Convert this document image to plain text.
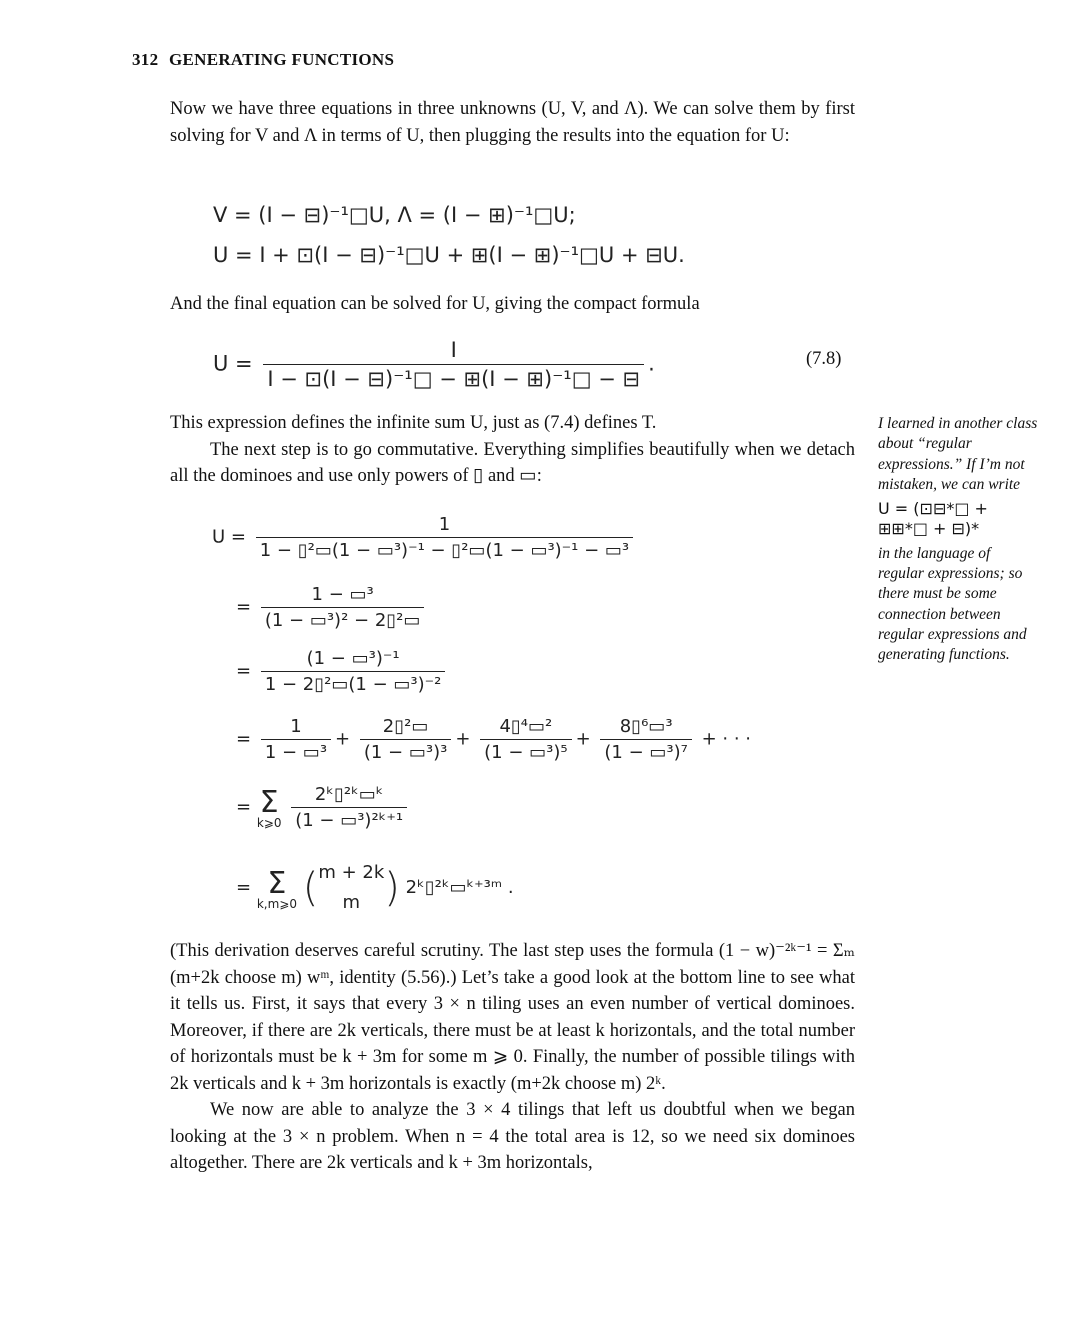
312 GENERATING FUNCTIONS

Now we have three equations in three unknowns (U, V, and Λ). We can solve them by first solving for V and Λ in terms of U, then plugging the results into the equation for U:

V = (I − ⊟)⁻¹□U, Λ = (I − ⊞)⁻¹□U;
U = I + ⊡(I − ⊟)⁻¹□U + ⊞(I − ⊞)⁻¹□U + ⊟U.

And the final equation can be solved for U, giving the compact formula

$U = \frac{I}{\text{I − ⊡(I − ⊟)⁻¹□ − ⊞(I − ⊞)⁻¹□ − ⊟}}$ .	(7.8)

This expression defines the infinite sum U, just as (7.4) defines T.

The next step is to go commutative. Everything simplifies beautifully when we detach all the dominoes and use only powers of ▯ and ▭:

$U = \frac{1}{\text{1 − ▯²▭(1 − ▭³)⁻¹ − ▯²▭(1 − ▭³)⁻¹ − ▭³}}$
= $\frac{\text{1 − ▭³}}{\text{(1 − ▭³)² − 2▯²▭}}$
= $\frac{\text{(1 − ▭³)⁻¹}}{\text{1 − 2▯²▭(1 − ▭³)⁻²}}$
= $\frac{1}{\text{1 − ▭³}} + \frac{\text{2▯²▭}}{\text{(1 − ▭³)³}} + \frac{\text{4▯⁴▭²}}{\text{(1 − ▭³)⁵}} + \frac{\text{8▯⁶▭³}}{\text{(1 − ▭³)⁷}}$ + · · ·
= Σ
k⩾0
$\frac{\text{2ᵏ▯²ᵏ▭ᵏ}}{\text{(1 − ▭³)²ᵏ⁺¹}}$
= Σ
k,m⩾0 ( m + 2k
m ) 2ᵏ▯²ᵏ▭ᵏ⁺³ᵐ .
I learned in another class about “regular expressions.” If I’m not mistaken, we can write
U = (⊡⊟*□ + ⊞⊞*□ + ⊟)*
in the language of regular expressions; so there must be some connection between regular expressions and generating functions.

(This derivation deserves careful scrutiny. The last step uses the formula (1 − w)⁻²ᵏ⁻¹ = Σₘ (m+2k choose m) wᵐ, identity (5.56).) Let’s take a good look at the bottom line to see what it tells us. First, it says that every 3 × n tiling uses an even number of vertical dominoes. Moreover, if there are 2k verticals, there must be at least k horizontals, and the total number of horizontals must be k + 3m for some m ⩾ 0. Finally, the number of possible tilings with 2k verticals and k + 3m horizontals is exactly (m+2k choose m) 2ᵏ.

We now are able to analyze the 3 × 4 tilings that left us doubtful when we began looking at the 3 × n problem. When n = 4 the total area is 12, so we need six dominoes altogether. There are 2k verticals and k + 3m horizontals,
